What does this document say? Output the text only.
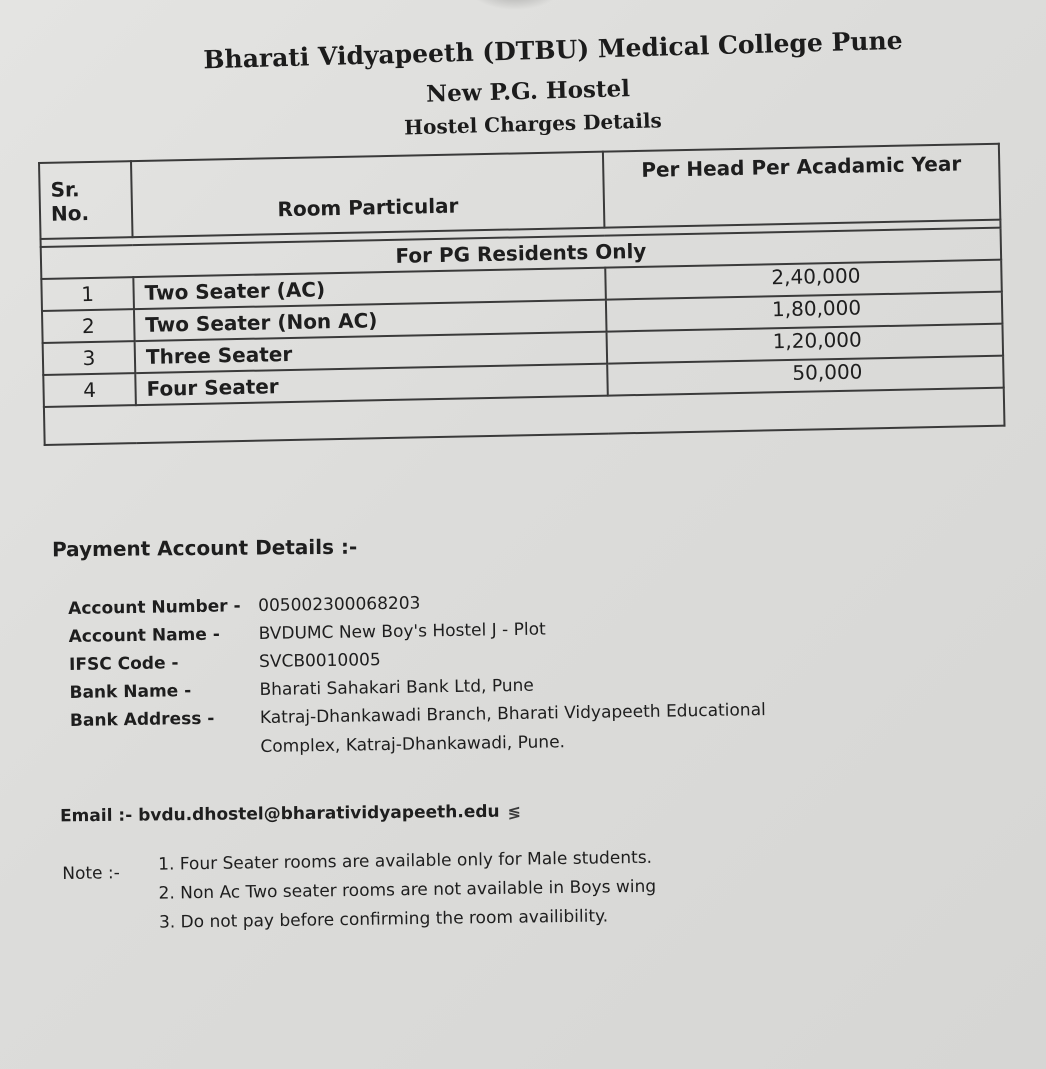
Bharati Vidyapeeth (DTBU) Medical College Pune
New P.G. Hostel
Hostel Charges Details
Sr. No.	Room Particular	Per Head Per Acadamic Year

For PG Residents Only		
1	Two Seater (AC)	2,40,000
2	Two Seater (Non AC)	1,80,000
3	Three Seater	1,20,000
4	Four Seater	50,000

Payment Account Details :-
Account Number -	005002300068203
Account Name -	BVDUMC New Boy's Hostel J - Plot
IFSC Code -	SVCB0010005
Bank Name -	Bharati Sahakari Bank Ltd, Pune
Bank Address -	Katraj-Dhankawadi Branch, Bharati Vidyapeeth Educational
Complex, Katraj-Dhankawadi, Pune.
Email :- bvdu.dhostel@bharatividyapeeth.edu ≶
Note :-	1. Four Seater rooms are available only for Male students.
2. Non Ac Two seater rooms are not available in Boys wing
3. Do not pay before confirming the room availibility.
